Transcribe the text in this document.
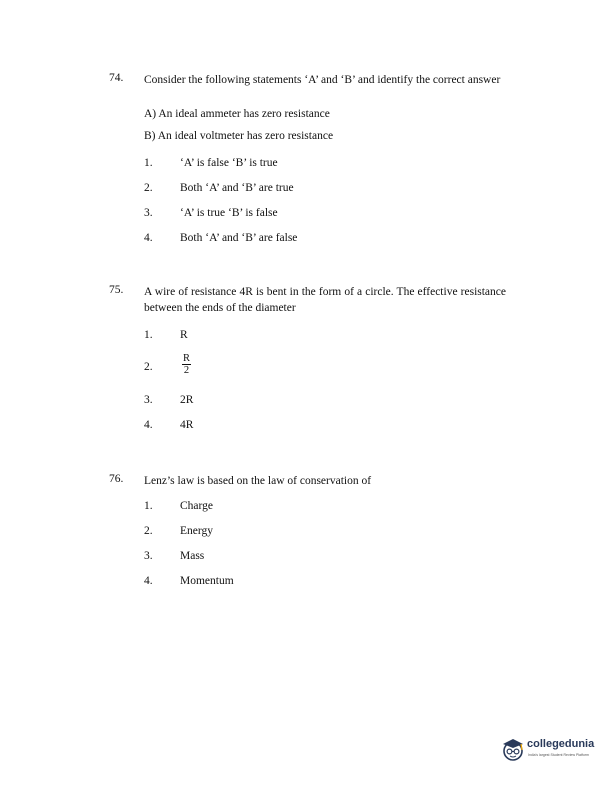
74. Consider the following statements ‘A’ and ‘B’ and identify the correct answer
A) An ideal ammeter has zero resistance
B) An ideal voltmeter has zero resistance
1. ‘A’ is false ‘B’ is true
2. Both ‘A’ and ‘B’ are true
3. ‘A’ is true ‘B’ is false
4. Both ‘A’ and ‘B’ are false
75. A wire of resistance 4R is bent in the form of a circle. The effective resistance between the ends of the diameter
1. R
2.	$\frac{R}{2}$
3. 2R
4. 4R
76. Lenz’s law is based on the law of conservation of
1. Charge
2. Energy
3. Mass
4. Momentum
collegedunia
India's largest Student Review Platform
